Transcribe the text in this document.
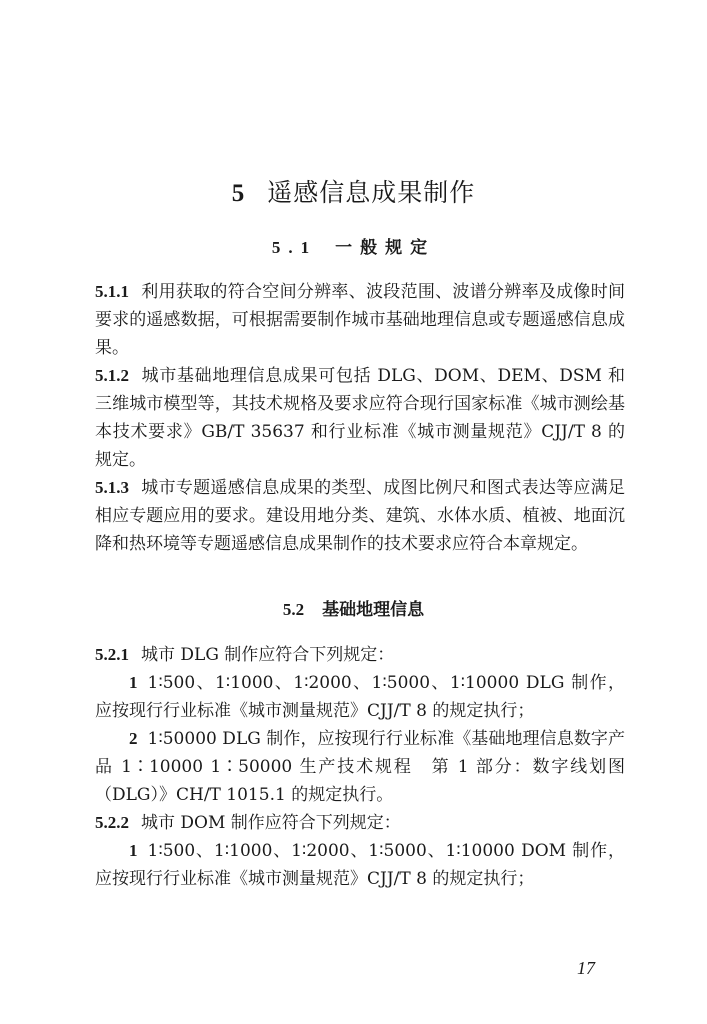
5 遥感信息成果制作
5.1 一般规定

5.1.1 利用获取的符合空间分辨率、波段范围、波谱分辨率及成像时间要求的遥感数据，可根据需要制作城市基础地理信息或专题遥感信息成果。

5.1.2 城市基础地理信息成果可包括 DLG、DOM、DEM、DSM 和三维城市模型等，其技术规格及要求应符合现行国家标准《城市测绘基本技术要求》GB/T 35637 和行业标准《城市测量规范》CJJ/T 8 的规定。

5.1.3 城市专题遥感信息成果的类型、成图比例尺和图式表达等应满足相应专题应用的要求。建设用地分类、建筑、水体水质、植被、地面沉降和热环境等专题遥感信息成果制作的技术要求应符合本章规定。

5.2 基础地理信息

5.2.1 城市 DLG 制作应符合下列规定：

1 1∶500、1∶1000、1∶2000、1∶5000、1∶10000 DLG 制作，应按现行行业标准《城市测量规范》CJJ/T 8 的规定执行；

2 1∶50000 DLG 制作，应按现行行业标准《基础地理信息数字产品 1∶10000 1∶50000 生产技术规程　第 1 部分：数字线划图（DLG）》CH/T 1015.1 的规定执行。

5.2.2 城市 DOM 制作应符合下列规定：

1 1∶500、1∶1000、1∶2000、1∶5000、1∶10000 DOM 制作，应按现行行业标准《城市测量规范》CJJ/T 8 的规定执行；

17
